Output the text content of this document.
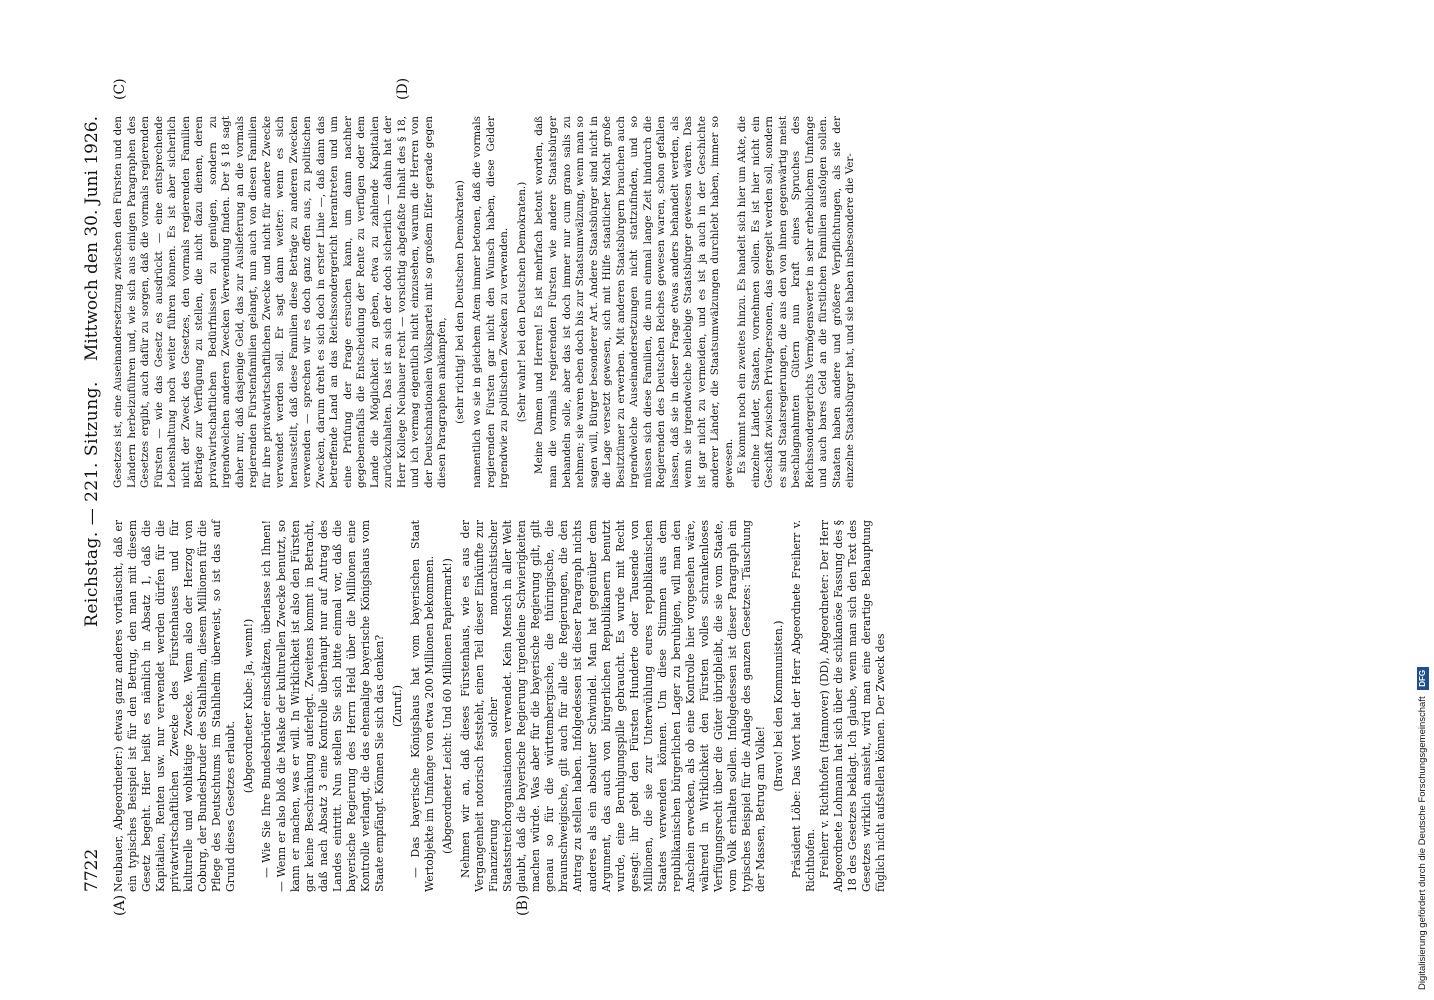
7722
Reichstag. — 221. Sitzung.
Mittwoch den 30. Juni 1926.
(A)	(B)
(C)	(D)

Neubauer, Abgeordneter:) etwas ganz anderes vortäuscht, daß er ein typisches Beispiel ist für den Betrug, den man mit diesem Gesetz begeht. Hier heißt es nämlich in Absatz 1, daß die Kapitalien, Renten usw. nur verwendet werden dürfen für die privatwirtschaftlichen Zwecke des Fürstenhauses und für kulturelle und wohltätige Zwecke. Wenn also der Herzog von Coburg, der Bundesbruder des Stahlhelm, diesem Millionen für die Pflege des Deutschtums im Stahlhelm überweist, so ist das auf Grund dieses Gesetzes erlaubt.

(Abgeordneter Kube: Ja, wenn!) — Wie Sie Ihre Bundesbrüder einschätzen, überlasse ich Ihnen! — Wenn er also bloß die Maske der kulturellen Zwecke benutzt, so kann er machen, was er will. In Wirklichkeit ist also den Fürsten gar keine Beschränkung auferlegt. Zweitens kommt in Betracht, daß nach Absatz 3 eine Kontrolle überhaupt nur auf Antrag des Landes eintritt. Nun stellen Sie sich bitte einmal vor, daß die bayerische Regierung des Herrn Held über die Millionen eine Kontrolle verlangt, die das ehemalige bayerische Königshaus vom Staate empfängt. Können Sie sich das denken? (Zuruf.) — Das bayerische Königshaus hat vom bayerischen Staat Wertobjekte im Umfange von etwa 200 Millionen bekommen. (Abgeordneter Leicht: Und 60 Millionen Papiermark!) Nehmen wir an, daß dieses Fürstenhaus, wie es aus der Vergangenheit notorisch feststeht, einen Teil dieser Einkünfte zur Finanzierung solcher monarchistischer Staatsstreichorganisationen verwendet. Kein Mensch in aller Welt glaubt, daß die bayerische Regierung irgendeine Schwierigkeiten machen würde. Was aber für die bayerische Regierung gilt, gilt genau so für die württembergische, die thüringische, die braunschweigische, gilt auch für alle die Regierungen, die den Antrag zu stellen haben. Infolgedessen ist dieser Paragraph nichts anderes als ein absoluter Schwindel. Man hat gegenüber dem Argument, das auch von bürgerlichen Republikanern benutzt wurde, eine Beruhigungspille gebraucht. Es wurde mit Recht gesagt: ihr gebt den Fürsten Hunderte oder Tausende von Millionen, die sie zur Unterwühlung eures republikanischen Staates verwenden können. Um diese Stimmen aus dem republikanischen bürgerlichen Lager zu beruhigen, will man den Anschein erwecken, als ob eine Kontrolle hier vorgesehen wäre, während in Wirklichkeit den Fürsten volles schrankenloses Verfügungsrecht über die Güter übrigbleibt, die sie vom Staate, vom Volk erhalten sollen. Infolgedessen ist dieser Paragraph ein typisches Beispiel für die Anlage des ganzen Gesetzes: Täuschung der Massen, Betrug am Volke!

(Bravo! bei den Kommunisten.) Präsident Löbe: Das Wort hat der Herr Abgeordnete Freiherr v. Richthofen. Freiherr v. Richthofen (Hannover) (DD), Abgeordneter: Der Herr Abgeordnete Lohmann hat sich über die schikanöse Fassung des § 18 des Gesetzes beklagt. Ich glaube, wenn man sich den Text des Gesetzes wirklich ansieht, wird man eine derartige Behauptung füglich nicht aufstellen können. Der Zweck des

Gesetzes ist, eine Auseinandersetzung zwischen den Fürsten und den Ländern herbeizuführen und, wie sich aus einigen Paragraphen des Gesetzes ergibt, auch dafür zu sorgen, daß die vormals regierenden Fürsten — wie das Gesetz es ausdrückt — eine entsprechende Lebenshaltung noch weiter führen können. Es ist aber sicherlich nicht der Zweck des Gesetzes, den vormals regierenden Familien Beträge zur Verfügung zu stellen, die nicht dazu dienen, deren privatwirtschaftlichen Bedürfnissen zu genügen, sondern zu irgendwelchen anderen Zwecken Verwendung finden. Der § 18 sagt daher nur, daß dasjenige Geld, das zur Auslieferung an die vormals regierenden Fürstenfamilien gelangt, nun auch von diesen Familien für ihre privatwirtschaftlichen Zwecke und nicht für andere Zwecke verwendet werden soll. Er sagt dann weiter: wenn es sich herausstellt, daß diese Familien diese Beträge zu anderen Zwecken verwenden — sprechen wir es doch ganz offen aus, zu politischen Zwecken, darum dreht es sich doch in erster Linie —, daß dann das betreffende Land an das Reichssondergericht herantreten und um eine Prüfung der Frage ersuchen kann, um dann nachher gegebenenfalls die Entscheidung der Rente zu verfügen oder dem Lande die Möglichkeit zu geben, etwa zu zahlende Kapitalien zurückzuhalten. Das ist an sich der doch sicherlich — dahin hat der Herr Kollege Neubauer recht — vorsichtig abgefaßte Inhalt des § 18, und ich vermag eigentlich nicht einzusehen, warum die Herren von der Deutschnationalen Volkspartei mit so großem Eifer gerade gegen diesen Paragraphen ankämpfen, (sehr richtig! bei den Deutschen Demokraten) namentlich wo sie in gleichem Atem immer betonen, daß die vormals regierenden Fürsten gar nicht den Wunsch haben, diese Gelder irgendwie zu politischen Zwecken zu verwenden. (Sehr wahr! bei den Deutschen Demokraten.) Meine Damen und Herren! Es ist mehrfach betont worden, daß man die vormals regierenden Fürsten wie andere Staatsbürger behandeln solle, aber das ist doch immer nur cum grano salis zu nehmen; sie waren eben doch bis zur Staatsumwälzung, wenn man so sagen will, Bürger besonderer Art. Andere Staatsbürger sind nicht in die Lage versetzt gewesen, sich mit Hilfe staatlicher Macht große Besitztümer zu erwerben. Mit anderen Staatsbürgern brauchen auch irgendwelche Auseinandersetzungen nicht stattzufinden, und so müssen sich diese Familien, die nun einmal lange Zeit hindurch die Regierenden des Deutschen Reiches gewesen waren, schon gefallen lassen, daß sie in dieser Frage etwas anders behandelt werden, als wenn sie irgendwelche beliebige Staatsbürger gewesen wären. Das ist gar nicht zu vermeiden, und es ist ja auch in der Geschichte anderer Länder, die Staatsumwälzungen durchlebt haben, immer so gewesen. Es kommt noch ein zweites hinzu. Es handelt sich hier um Akte, die einzelne Länder, Staaten, vornehmen sollen. Es ist hier nicht ein Geschäft zwischen Privatpersonen, das geregelt werden soll, sondern es sind Staatsregierungen, die aus den von ihnen gegenwärtig meist beschlagnahmten Gütern nun kraft eines Spruches des Reichssondergerichts Vermögenswerte in sehr erheblichem Umfange und auch bares Geld an die fürstlichen Familien ausfolgen sollen. Staaten haben andere und größere Verpflichtungen, als sie der einzelne Staatsbürger hat, und sie haben insbesondere die Ver-

Digitalisierung gefördert durch die Deutsche Forschungsgemeinschaft DFG
